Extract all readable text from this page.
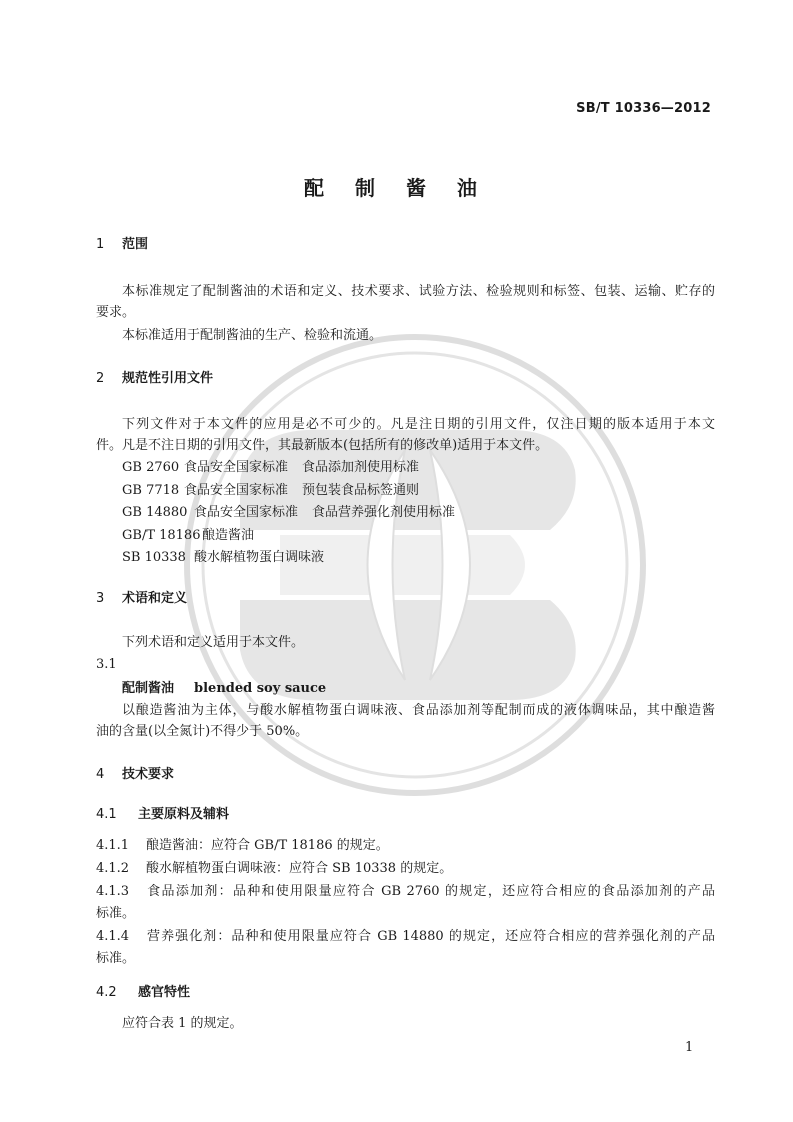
SB/T 10336—2012
配 制 酱 油
1 范围
本标准规定了配制酱油的术语和定义、技术要求、试验方法、检验规则和标签、包装、运输、贮存的
要求。
本标准适用于配制酱油的生产、检验和流通。
2 规范性引用文件
下列文件对于本文件的应用是必不可少的。凡是注日期的引用文件，仅注日期的版本适用于本文
件。凡是不注日期的引用文件，其最新版本(包括所有的修改单)适用于本文件。
GB 2760 食品安全国家标准 食品添加剂使用标准
GB 7718 食品安全国家标准 预包装食品标签通则
GB 14880 食品安全国家标准 食品营养强化剂使用标准
GB/T 18186 酿造酱油
SB 10338 酸水解植物蛋白调味液
3 术语和定义
下列术语和定义适用于本文件。
3.1
配制酱油 blended soy sauce
以酿造酱油为主体，与酸水解植物蛋白调味液、食品添加剂等配制而成的液体调味品，其中酿造酱
油的含量(以全氮计)不得少于 50%。
4 技术要求
4.1 主要原料及辅料
4.1.1 酿造酱油：应符合 GB/T 18186 的规定。
4.1.2 酸水解植物蛋白调味液：应符合 SB 10338 的规定。
4.1.3 食品添加剂：品种和使用限量应符合 GB 2760 的规定，还应符合相应的食品添加剂的产品
标准。
4.1.4 营养强化剂：品种和使用限量应符合 GB 14880 的规定，还应符合相应的营养强化剂的产品
标准。
4.2 感官特性
应符合表 1 的规定。
1
